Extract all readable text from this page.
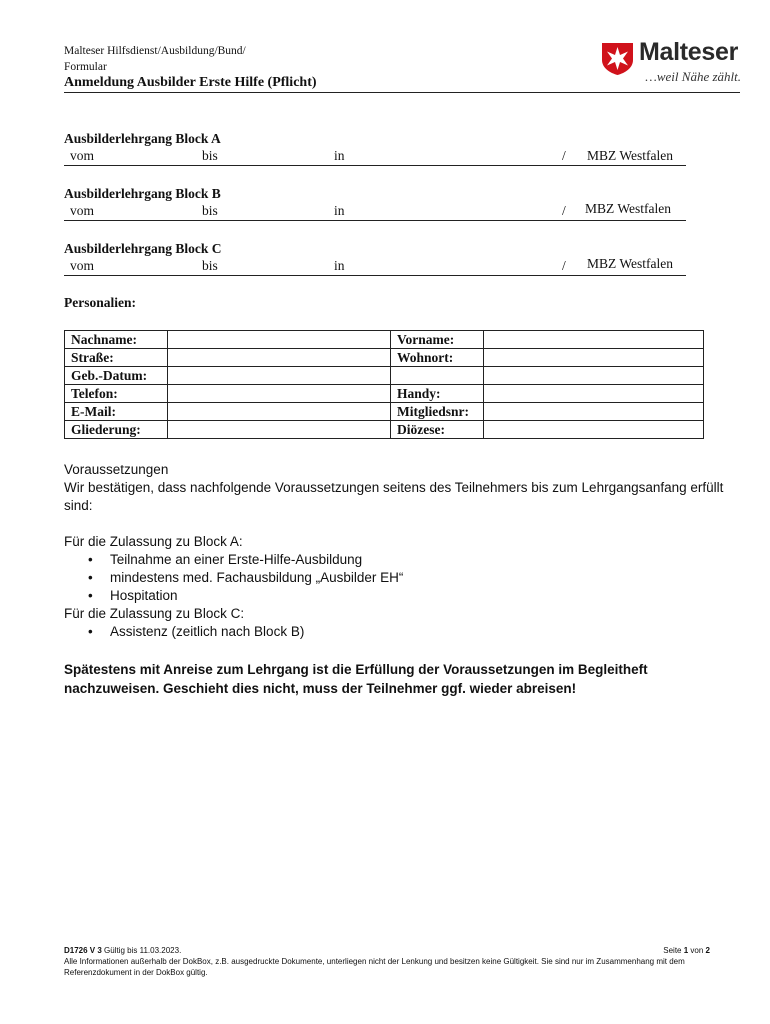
Malteser Hilfsdienst/Ausbildung/Bund/
Formular
Anmeldung Ausbilder Erste Hilfe (Pflicht)
Malteser
…weil Nähe zählt.
Ausbilderlehrgang Block A
vom	bis	in	/ MBZ Westfalen
Ausbilderlehrgang Block B
vom	bis	in	/ MBZ Westfalen
Ausbilderlehrgang Block C
vom	bis	in	/ MBZ Westfalen
Personalien:
Nachname:		Vorname:	
Straße:		Wohnort:	
Geb.-Datum:			
Telefon:		Handy:	
E-Mail:		Mitgliedsnr:	
Gliederung:		Diözese:	

Voraussetzungen

Wir bestätigen, dass nachfolgende Voraussetzungen seitens des Teilnehmers bis zum Lehrgangsanfang erfüllt sind:

Für die Zulassung zu Block A:

• Teilnahme an einer Erste-Hilfe-Ausbildung
• mindestens med. Fachausbildung „Ausbilder EH“
• Hospitation

Für die Zulassung zu Block C:

• Assistenz (zeitlich nach Block B)
Spätestens mit Anreise zum Lehrgang ist die Erfüllung der Voraussetzungen im Begleitheft nachzuweisen. Geschieht dies nicht, muss der Teilnehmer ggf. wieder abreisen!
D1726 V 3 Gültig bis 11.03.2023.	Seite 1 von 2
Alle Informationen außerhalb der DokBox, z.B. ausgedruckte Dokumente, unterliegen nicht der Lenkung und besitzen keine Gültigkeit. Sie sind nur im Zusammenhang mit dem Referenzdokument in der DokBox gültig.
